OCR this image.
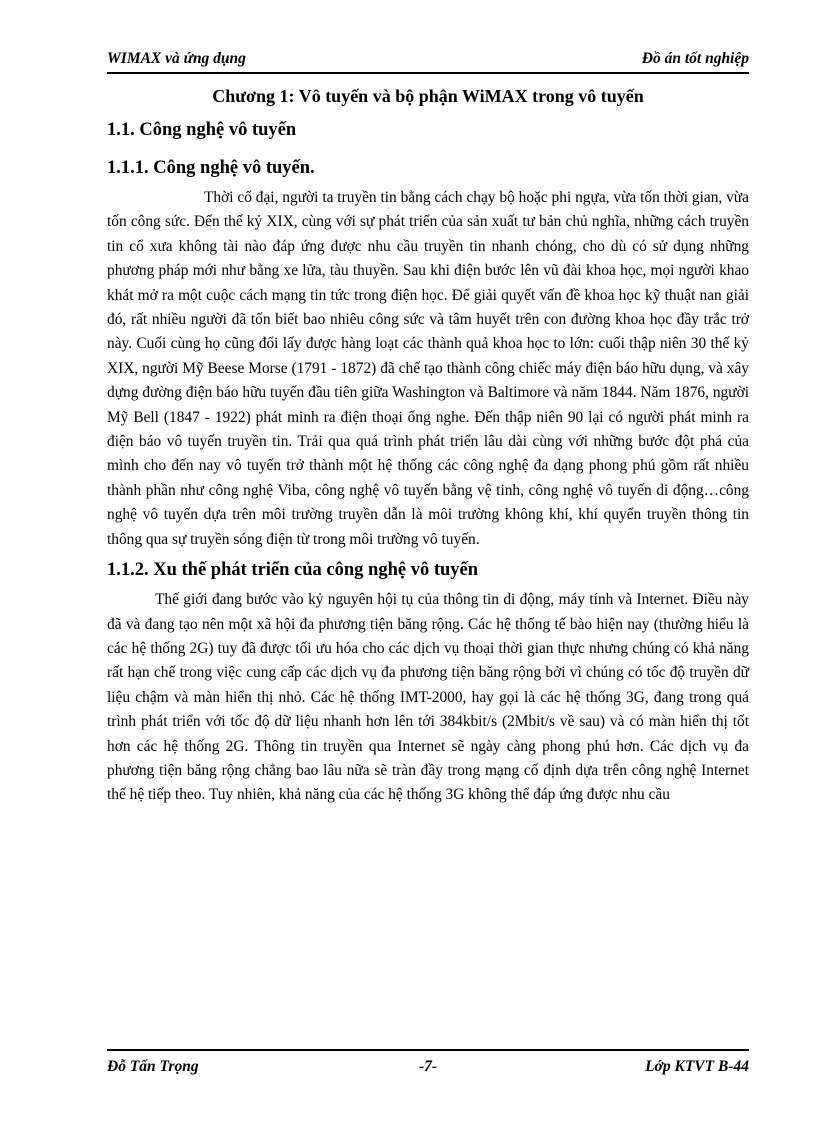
WIMAX và ứng dụng	Đồ án tốt nghiệp
Chương 1: Vô tuyến và bộ phận WiMAX trong vô tuyến
1.1. Công nghệ vô tuyến
1.1.1. Công nghệ vô tuyến.

Thời cổ đại, người ta truyền tin bằng cách chạy bộ hoặc phi ngựa, vừa tốn thời gian, vừa tốn công sức. Đến thế kỷ XIX, cùng với sự phát triển của sản xuất tư bản chủ nghĩa, những cách truyền tin cổ xưa không tài nào đáp ứng được nhu cầu truyền tin nhanh chóng, cho dù có sử dụng những phương pháp mới như bằng xe lửa, tàu thuyền. Sau khi điện bước lên vũ đài khoa học, mọi người khao khát mở ra một cuộc cách mạng tin tức trong điện học. Để giải quyết vấn đề khoa học kỹ thuật nan giải đó, rất nhiều người đã tốn biết bao nhiêu công sức và tâm huyết trên con đường khoa học đầy trắc trở này. Cuối cùng họ cũng đổi lấy được hàng loạt các thành quả khoa học to lớn: cuối thập niên 30 thế kỷ XIX, người Mỹ Beese Morse (1791 - 1872) đã chế tạo thành công chiếc máy điện báo hữu dụng, và xây dựng đường điện báo hữu tuyến đầu tiên giữa Washington và Baltimore và năm 1844. Năm 1876, người Mỹ Bell (1847 - 1922) phát minh ra điện thoại ống nghe. Đến thập niên 90 lại có người phát minh ra điện báo vô tuyến truyền tin. Trải qua quá trình phát triển lâu dài cùng với những bước đột phá của mình cho đến nay vô tuyến trở thành một hệ thống các công nghệ đa dạng phong phú gồm rất nhiều thành phần như công nghệ Viba, công nghệ vô tuyến bằng vệ tinh, công nghệ vô tuyến di động…công nghệ vô tuyến dựa trên môi trường truyền dẫn là môi trường không khí, khí quyển truyền thông tin thông qua sự truyền sóng điện từ trong môi trường vô tuyến.

1.1.2. Xu thế phát triển của công nghệ vô tuyến

Thế giới đang bước vào kỷ nguyên hội tụ của thông tin di động, máy tính và Internet. Điều này đã và đang tạo nên một xã hội đa phương tiện băng rộng. Các hệ thống tế bào hiện nay (thường hiểu là các hệ thống 2G) tuy đã được tối ưu hóa cho các dịch vụ thoại thời gian thực nhưng chúng có khả năng rất hạn chế trong việc cung cấp các dịch vụ đa phương tiện băng rộng bởi vì chúng có tốc độ truyền dữ liệu chậm và màn hiển thị nhỏ. Các hệ thống IMT-2000, hay gọi là các hệ thống 3G, đang trong quá trình phát triển với tốc độ dữ liệu nhanh hơn lên tới 384kbit/s (2Mbit/s về sau) và có màn hiển thị tốt hơn các hệ thống 2G. Thông tin truyền qua Internet sẽ ngày càng phong phú hơn. Các dịch vụ đa phương tiện băng rộng chẳng bao lâu nữa sẽ tràn đầy trong mạng cố định dựa trên công nghệ Internet thế hệ tiếp theo. Tuy nhiên, khả năng của các hệ thống 3G không thể đáp ứng được nhu cầu

Đỗ Tấn Trọng	-7-	Lớp KTVT B-44
